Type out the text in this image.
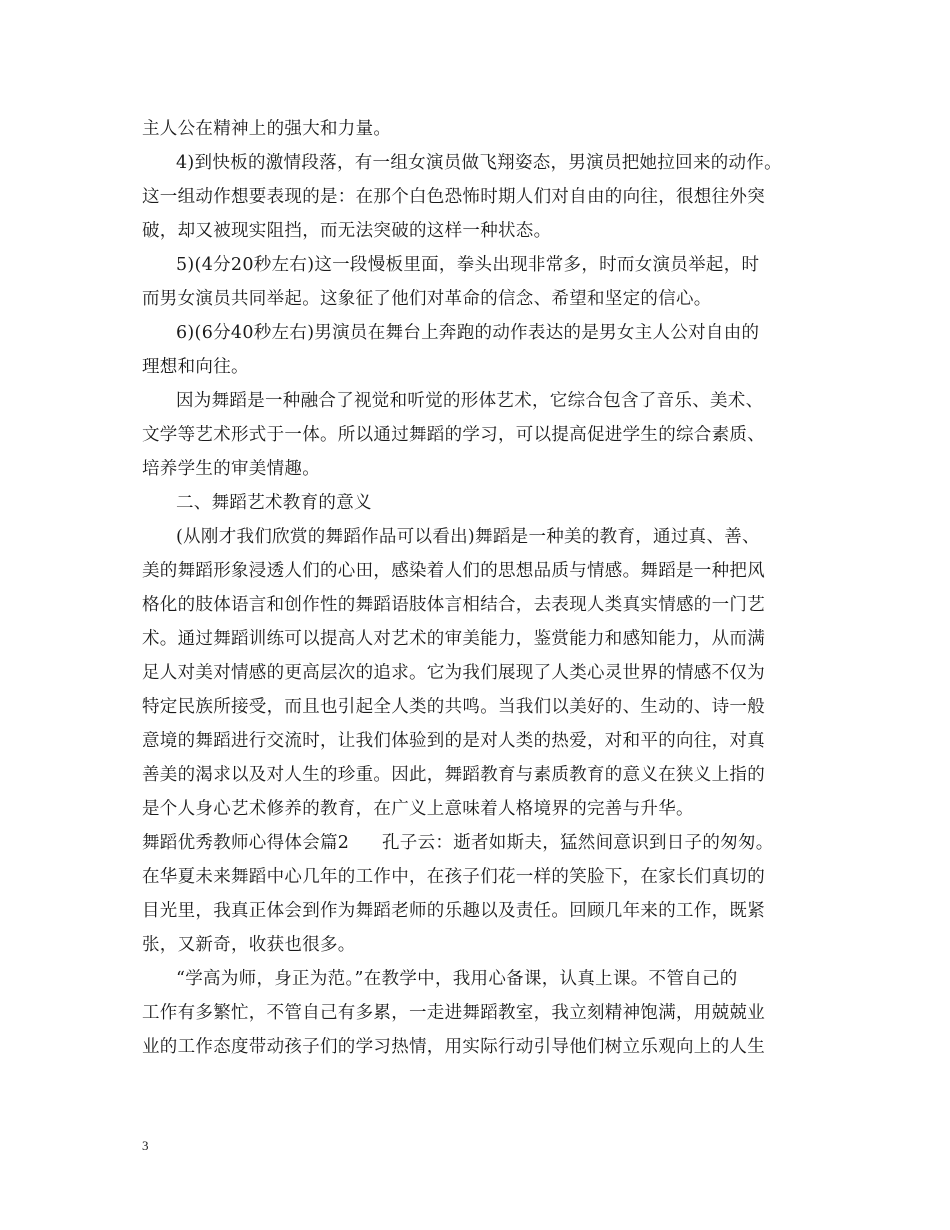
主人公在精神上的强大和力量。
4)到快板的激情段落，有一组女演员做飞翔姿态，男演员把她拉回来的动作。
这一组动作想要表现的是：在那个白色恐怖时期人们对自由的向往，很想往外突
破，却又被现实阻挡，而无法突破的这样一种状态。
5)(4分20秒左右)这一段慢板里面，拳头出现非常多，时而女演员举起，时
而男女演员共同举起。这象征了他们对革命的信念、希望和坚定的信心。
6)(6分40秒左右)男演员在舞台上奔跑的动作表达的是男女主人公对自由的
理想和向往。
因为舞蹈是一种融合了视觉和听觉的形体艺术，它综合包含了音乐、美术、
文学等艺术形式于一体。所以通过舞蹈的学习，可以提高促进学生的综合素质、
培养学生的审美情趣。
二、舞蹈艺术教育的意义
(从刚才我们欣赏的舞蹈作品可以看出)舞蹈是一种美的教育，通过真、善、
美的舞蹈形象浸透人们的心田，感染着人们的思想品质与情感。舞蹈是一种把风
格化的肢体语言和创作性的舞蹈语肢体言相结合，去表现人类真实情感的一门艺
术。通过舞蹈训练可以提高人对艺术的审美能力，鉴赏能力和感知能力，从而满
足人对美对情感的更高层次的追求。它为我们展现了人类心灵世界的情感不仅为
特定民族所接受，而且也引起全人类的共鸣。当我们以美好的、生动的、诗一般
意境的舞蹈进行交流时，让我们体验到的是对人类的热爱，对和平的向往，对真
善美的渴求以及对人生的珍重。因此，舞蹈教育与素质教育的意义在狭义上指的
是个人身心艺术修养的教育，在广义上意味着人格境界的完善与升华。
舞蹈优秀教师心得体会篇2 孔子云：逝者如斯夫，猛然间意识到日子的匆匆。
在华夏未来舞蹈中心几年的工作中，在孩子们花一样的笑脸下，在家长们真切的
目光里，我真正体会到作为舞蹈老师的乐趣以及责任。回顾几年来的工作，既紧
张，又新奇，收获也很多。
“学高为师，身正为范。”在教学中，我用心备课，认真上课。不管自己的
工作有多繁忙，不管自己有多累，一走进舞蹈教室，我立刻精神饱满，用兢兢业
业的工作态度带动孩子们的学习热情，用实际行动引导他们树立乐观向上的人生
3
